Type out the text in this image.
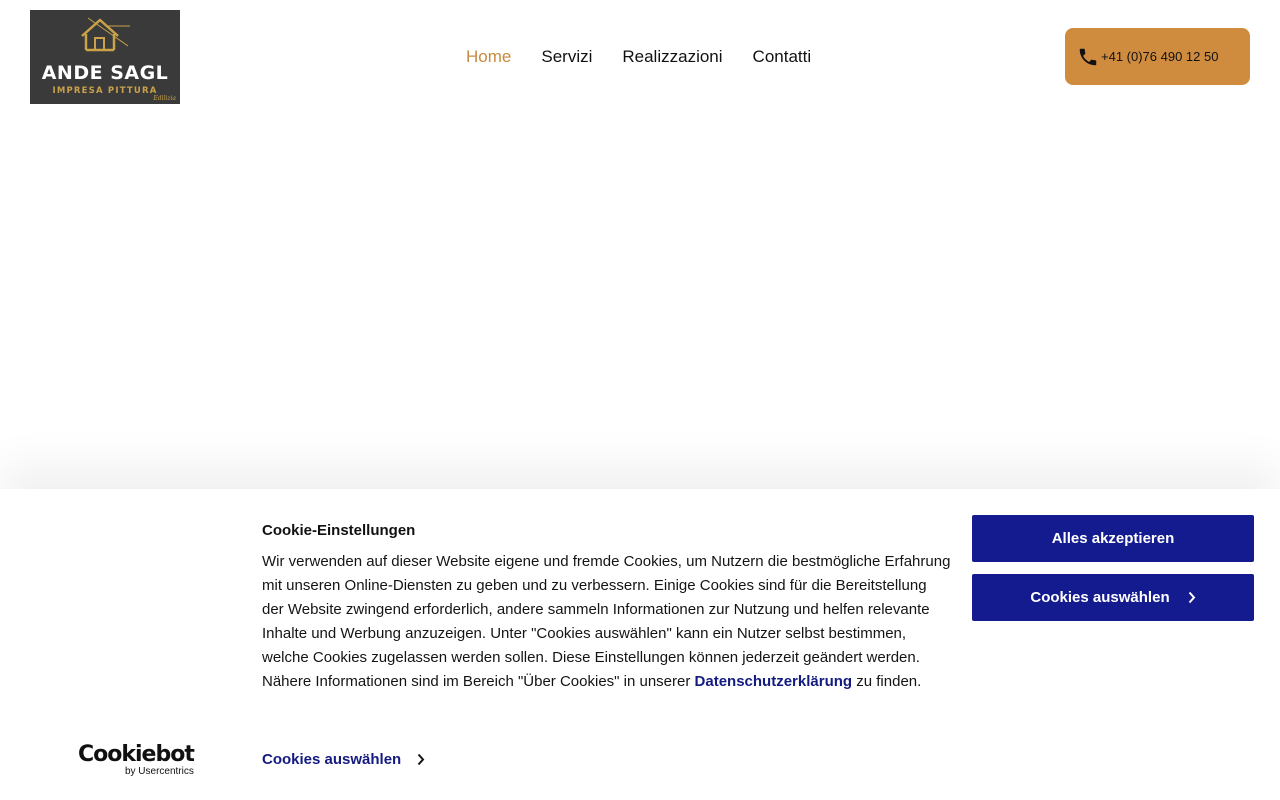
ANDE SAGL
IMPRESA PITTURA
Edilizia
Home Servizi Realizzazioni Contatti	+41 (0)76 490 12 50
Cookiebot
by Usercentrics
Cookie-Einstellungen

Wir verwenden auf dieser Website eigene und fremde Cookies, um Nutzern die bestmögliche Erfahrung mit unseren Online-Diensten zu geben und zu verbessern. Einige Cookies sind für die Bereitstellung der Website zwingend erforderlich, andere sammeln Informationen zur Nutzung und helfen relevante Inhalte und Werbung anzuzeigen. Unter "Cookies auswählen" kann ein Nutzer selbst bestimmen, welche Cookies zugelassen werden sollen. Diese Einstellungen können jederzeit geändert werden. Nähere Informationen sind im Bereich "Über Cookies" in unserer Datenschutzerklärung zu finden.

Cookies auswählen
Alles akzeptieren
Cookies auswählen
